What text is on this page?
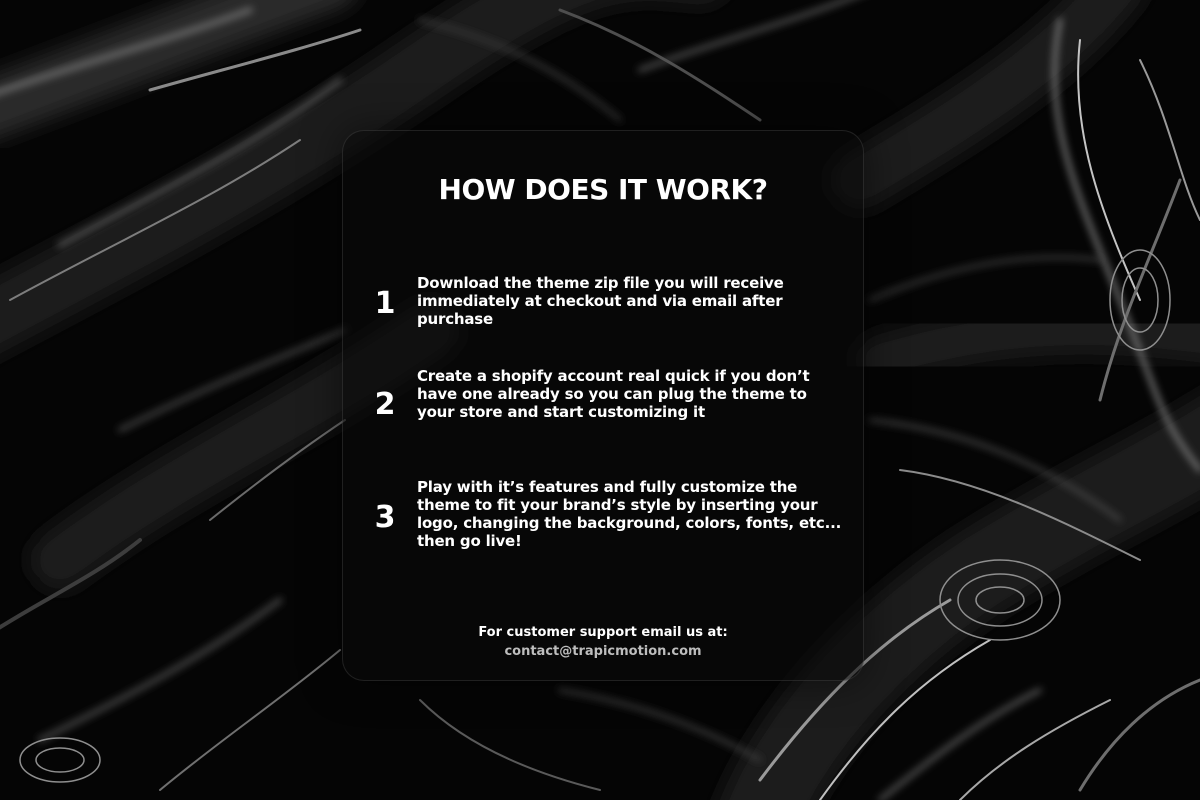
HOW DOES IT WORK?
1

Download the theme zip file you will receive immediately at checkout and via email after purchase

2

Create a shopify account real quick if you don’t have one already so you can plug the theme to your store and start customizing it

3

Play with it’s features and fully customize the theme to fit your brand’s style by inserting your logo, changing the background, colors, fonts, etc... then go live!

For customer support email us at:
contact@trapicmotion.com
